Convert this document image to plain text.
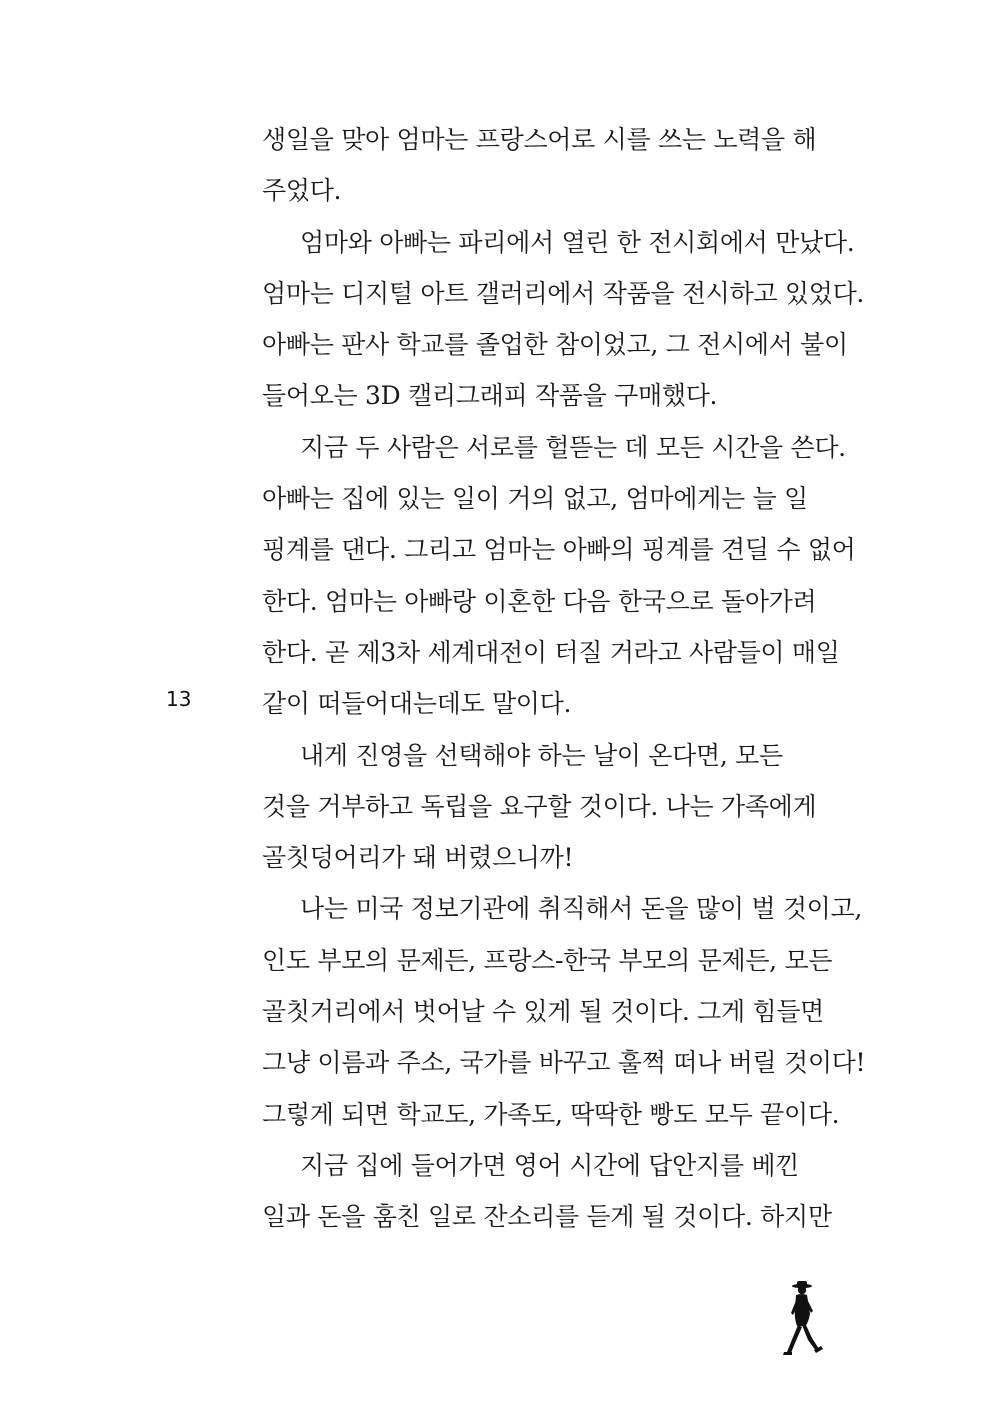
13
생일을 맞아 엄마는 프랑스어로 시를 쓰는 노력을 해
주었다.
엄마와 아빠는 파리에서 열린 한 전시회에서 만났다.
엄마는 디지털 아트 갤러리에서 작품을 전시하고 있었다.
아빠는 판사 학교를 졸업한 참이었고, 그 전시에서 불이
들어오는 3D 캘리그래피 작품을 구매했다.
지금 두 사람은 서로를 헐뜯는 데 모든 시간을 쓴다.
아빠는 집에 있는 일이 거의 없고, 엄마에게는 늘 일
핑계를 댄다. 그리고 엄마는 아빠의 핑계를 견딜 수 없어
한다. 엄마는 아빠랑 이혼한 다음 한국으로 돌아가려
한다. 곧 제3차 세계대전이 터질 거라고 사람들이 매일
같이 떠들어대는데도 말이다.
내게 진영을 선택해야 하는 날이 온다면, 모든
것을 거부하고 독립을 요구할 것이다. 나는 가족에게
골칫덩어리가 돼 버렸으니까!
나는 미국 정보기관에 취직해서 돈을 많이 벌 것이고,
인도 부모의 문제든, 프랑스-한국 부모의 문제든, 모든
골칫거리에서 벗어날 수 있게 될 것이다. 그게 힘들면
그냥 이름과 주소, 국가를 바꾸고 훌쩍 떠나 버릴 것이다!
그렇게 되면 학교도, 가족도, 딱딱한 빵도 모두 끝이다.
지금 집에 들어가면 영어 시간에 답안지를 베낀
일과 돈을 훔친 일로 잔소리를 듣게 될 것이다. 하지만
